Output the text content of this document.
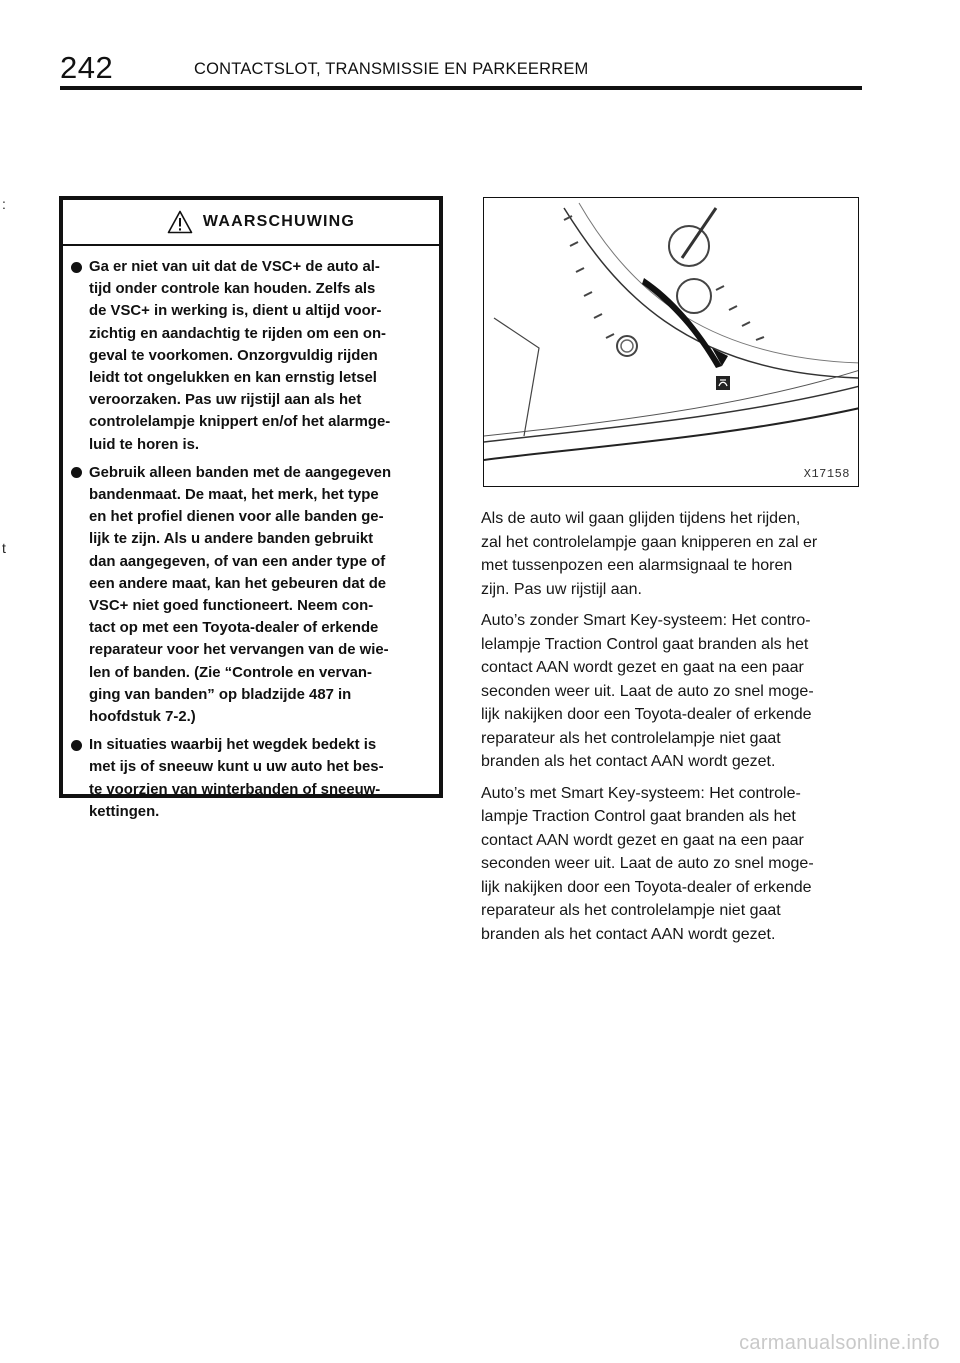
242	CONTACTSLOT, TRANSMISSIE EN PARKEERREM
:
t
WAARSCHUWING
Ga er niet van uit dat de VSC+ de auto al-
tijd onder controle kan houden. Zelfs als
de VSC+ in werking is, dient u altijd voor-
zichtig en aandachtig te rijden om een on-
geval te voorkomen. Onzorgvuldig rijden
leidt tot ongelukken en kan ernstig letsel
veroorzaken. Pas uw rijstijl aan als het
controlelampje knippert en/of het alarmge-
luid te horen is.
Gebruik alleen banden met de aangegeven
bandenmaat. De maat, het merk, het type
en het profiel dienen voor alle banden ge-
lijk te zijn. Als u andere banden gebruikt
dan aangegeven, of van een ander type of
een andere maat, kan het gebeuren dat de
VSC+ niet goed functioneert. Neem con-
tact op met een Toyota‑dealer of erkende
reparateur voor het vervangen van de wie-
len of banden. (Zie “Controle en vervan-
ging van banden” op bladzijde 487 in
hoofdstuk 7‑2.)
In situaties waarbij het wegdek bedekt is
met ijs of sneeuw kunt u uw auto het bes-
te voorzien van winterbanden of sneeuw-
kettingen.
X17158

Als de auto wil gaan glijden tijdens het rijden,
zal het controlelampje gaan knipperen en zal er
met tussenpozen een alarmsignaal te horen
zijn. Pas uw rijstijl aan.

Auto’s zonder Smart Key‑systeem: Het contro-
lelampje Traction Control gaat branden als het
contact AAN wordt gezet en gaat na een paar
seconden weer uit. Laat de auto zo snel moge-
lijk nakijken door een Toyota‑dealer of erkende
reparateur als het controlelampje niet gaat
branden als het contact AAN wordt gezet.

Auto’s met Smart Key‑systeem: Het controle-
lampje Traction Control gaat branden als het
contact AAN wordt gezet en gaat na een paar
seconden weer uit. Laat de auto zo snel moge-
lijk nakijken door een Toyota‑dealer of erkende
reparateur als het controlelampje niet gaat
branden als het contact AAN wordt gezet.

carmanualsonline.info
